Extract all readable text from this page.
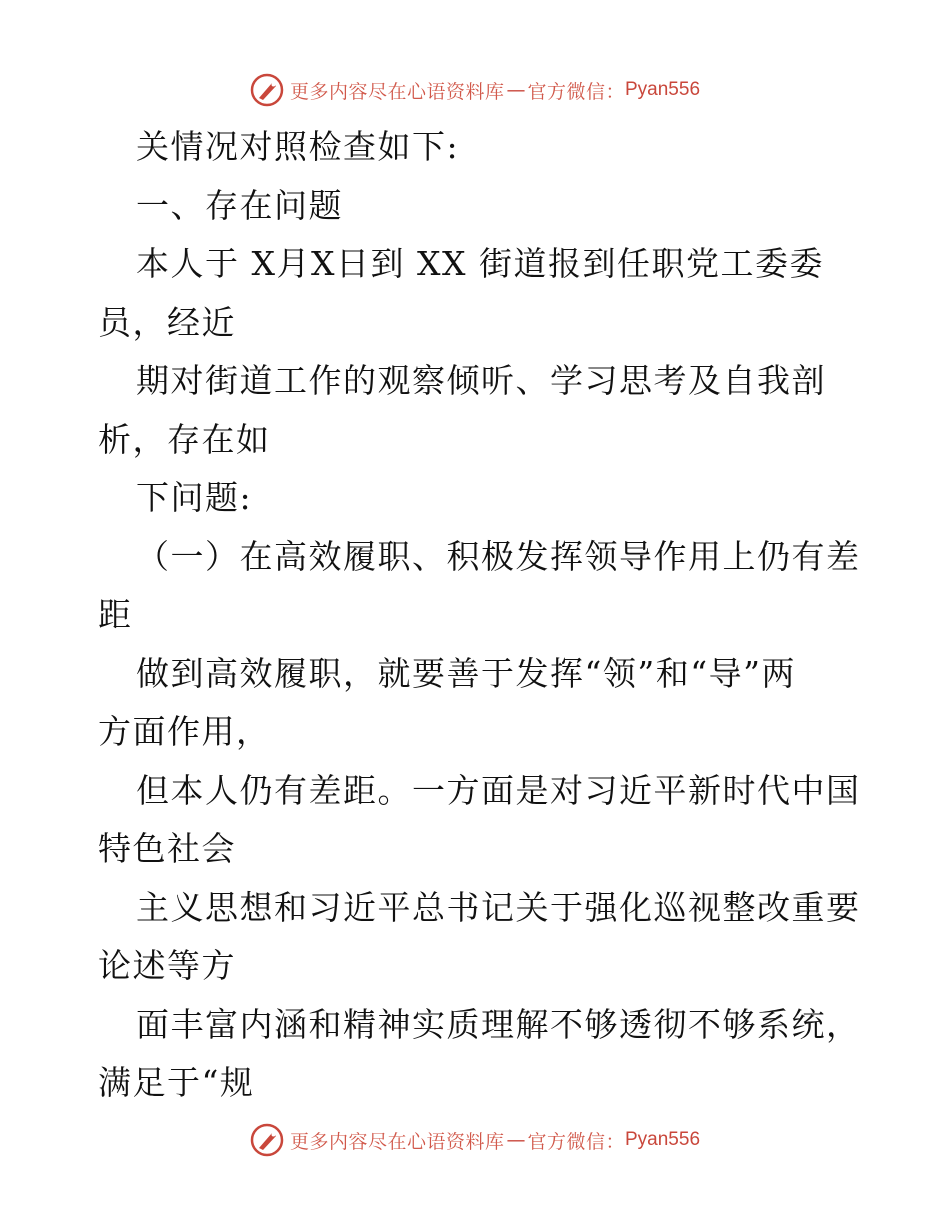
更多内容尽在心语资料库 — 官方微信： Pyan556
关情况对照检查如下:
一、存在问题
本人于 X月X日到 XX 街道报到任职党工委委
员，经近
期对街道工作的观察倾听、学习思考及自我剖
析，存在如
下问题:
（一）在高效履职、积极发挥领导作用上仍有差
距
做到高效履职，就要善于发挥“领”和“导”两
方面作用，
但本人仍有差距。一方面是对习近平新时代中国
特色社会
主义思想和习近平总书记关于强化巡视整改重要
论述等方
面丰富内涵和精神实质理解不够透彻不够系统，
满足于“规
更多内容尽在心语资料库 — 官方微信： Pyan556
